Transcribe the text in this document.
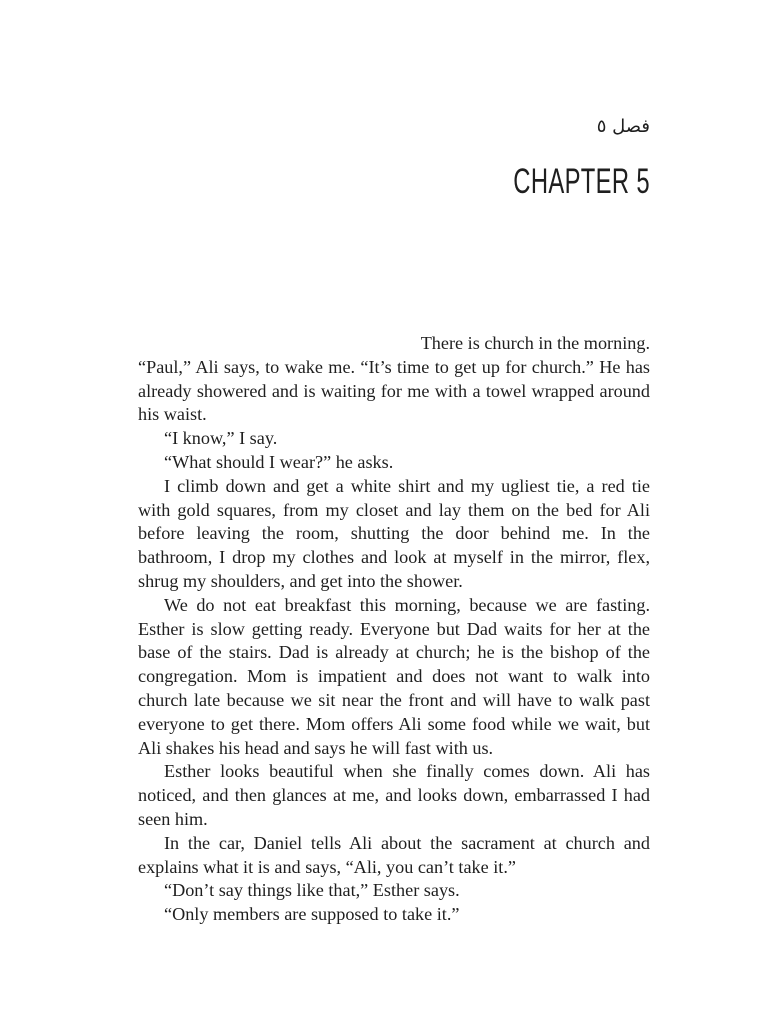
فصل ٥
CHAPTER 5

There is church in the morning.

“Paul,” Ali says, to wake me. “It’s time to get up for church.” He has already showered and is waiting for me with a towel wrapped around his waist.

“I know,” I say.

“What should I wear?” he asks.

I climb down and get a white shirt and my ugliest tie, a red tie with gold squares, from my closet and lay them on the bed for Ali before leaving the room, shutting the door behind me. In the bathroom, I drop my clothes and look at myself in the mirror, flex, shrug my shoulders, and get into the shower.

We do not eat breakfast this morning, because we are fasting. Esther is slow getting ready. Everyone but Dad waits for her at the base of the stairs. Dad is already at church; he is the bishop of the congregation. Mom is impatient and does not want to walk into church late because we sit near the front and will have to walk past everyone to get there. Mom offers Ali some food while we wait, but Ali shakes his head and says he will fast with us.

Esther looks beautiful when she finally comes down. Ali has noticed, and then glances at me, and looks down, embarrassed I had seen him.

In the car, Daniel tells Ali about the sacrament at church and explains what it is and says, “Ali, you can’t take it.”

“Don’t say things like that,” Esther says.

“Only members are supposed to take it.”
